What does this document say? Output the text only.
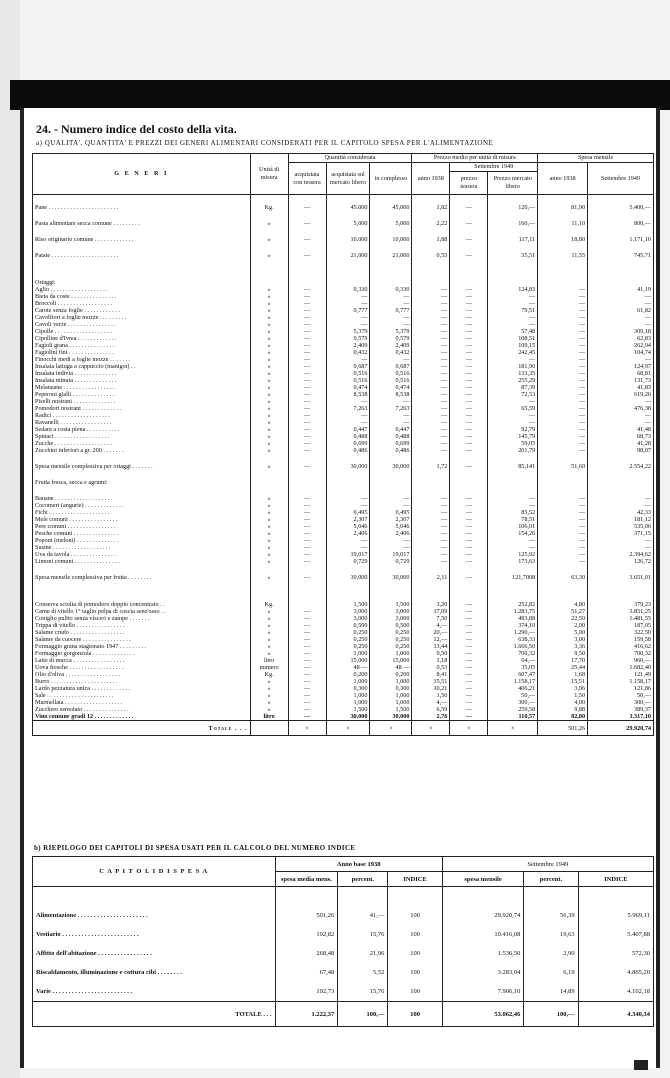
24. - Numero indice del costo della vita.
a) QUALITA', QUANTITA' E PREZZI DEI GENERI ALIMENTARI CONSIDERATI PER IL CAPITOLO SPESA PER L'ALIMENTAZIONE
G E N E R I	Unità di misura	Quantità considerata			Prezzo medio per unità di misura			Spesa mensile	
		acquistata con tessera	acquistata sul mercato libero	in complesso	anno 1938	Settembre 1949		anno 1938	Settembre 1949
						prezzo tessera	Prezzo mercato libero		

Pane . . . . . . . . . . . . . . . . . . . . . . .	Kg.	—	45.000	45,000	1,82	—	120,—	81,90	5.400,—

Pasta alimentare secca comune . . . . . . . . .	»	—	5,000	5,000	2,22	—	160,—	11,10	800,—

Riso originario comune . . . . . . . . . . . . .	»	—	10.000	10,000	1,88	—	117,11	18,80	1.171,10

Patate . . . . . . . . . . . . . . . . . . . . . .	»	—	21,000	21,000	0,55	—	35,51	11,55	745,71

Ortaggi:									
Aglio . . . . . . . . . . . . . . . . . . .	»	—	0,330	0,330	—	—	124,83	—	41,19
Bieta da coste . . . . . . . . . . . . . . .	»	—	—	—	—	—	—	—	—
Broccoli . . . . . . . . . . . . . . . . . .	»	—	—	—	—	—	—	—	—
Carote senza foglie . . . . . . . . . . . .	»	—	0,777	0,777	—	—	79,51	—	61,82
Cavolfiori a foglie mozze . . . . . . . . .	»	—	—	—	—	—	—	—	—
Cavoli verze . . . . . . . . . . . . . . . .	»	—	—	—	—	—	—	—	—
Cipolle . . . . . . . . . . . . . . . . . . .	»	—	5,379	5,379	—	—	57,48	—	309,18
Cipolline d'Ivrea . . . . . . . . . . . . .	»	—	0,579	0,579	—	—	108,51	—	62,83
Fagioli grana . . . . . . . . . . . . . . .	»	—	2,409	2,409	—	—	109,15	—	262,94
Fagiolini fini . . . . . . . . . . . . . . .	»	—	0,432	0,432	—	—	242,45	—	104,74
Finocchi medi a foglie mozze . . . . . . .	»	—	—	—	—	—	—	—	—
Insalata lattuga a cappuccio (manigot) . .	»	—	0,687	0,687	—	—	181,90	—	124,97
Insalata indivia . . . . . . . . . . . . . .	»	—	0,516	0,516	—	—	133,35	—	68,81
Insalata minuta . . . . . . . . . . . . . .	»	—	0,516	0,516	—	—	255,29	—	131,73
Melanzane . . . . . . . . . . . . . . . . .	»	—	0,474	0,474	—	—	87,39	—	41,83
Peperoni gialli . . . . . . . . . . . . . .	»	—	8,538	8,538	—	—	72,53	—	619,26
Piselli nostrani . . . . . . . . . . . . . .	»	—	—	—	—	—	—	—	—
Pomodori nostrani . . . . . . . . . . . . .	»	—	7,263	7,263	—	—	65,59	—	476,38
Radici . . . . . . . . . . . . . . . . . . .	»	—	—	—	—	—	—	—	—
Ravanelli . . . . . . . . . . . . . . . . .	»	—	—	—	—	—	—	—	—
Sedani a costa piena . . . . . . . . . . .	»	—	0,447	0,447	—	—	92,79	—	41,48
Spinaci . . . . . . . . . . . . . . . . . .	»	—	0,488	0,488	—	—	145,79	—	68,73
Zucche . . . . . . . . . . . . . . . . . . .	»	—	0,699	0,699	—	—	59,05	—	41,28
Zucchini inferiori a gr. 200 . . . . . . .	»	—	0,486	0,486	—	—	201,79	—	98,07

Spesa mensile complessiva per ortaggi . . . . . . .	»	—	30,000	30,000	1,72	—	85,141	51,60	2.554,22

Frutta fresca, secca e agrumi:									

Banane . . . . . . . . . . . . . . . . . . .	»	—	—	—	—	—	—	—	—
Cocomeri (angurie) . . . . . . . . . . . . .	»	—	—	—	—	—	—	—	—
Fichi . . . . . . . . . . . . . . . . . . . .	»	—	0,495	0,495	—	—	85,52	—	42,33
Mele comuni . . . . . . . . . . . . . . . .	»	—	2,307	2,307	—	—	78,51	—	181,12
Pere comuni . . . . . . . . . . . . . . . .	»	—	5,046	5,046	—	—	106,01	—	535,06
Pesche comuni . . . . . . . . . . . . . . .	»	—	2,406	2,406	—	—	154,26	—	371,15
Poponi (meloni) . . . . . . . . . . . . . .	»	—	—	—	—	—	—	—	—
Susine . . . . . . . . . . . . . . . . . . .	»	—	—	—	—	—	—	—	—
Uva da tavola . . . . . . . . . . . . . . .	»	—	19,017	19,017	—	—	125,92	—	2.394,62
Limoni comuni . . . . . . . . . . . . . . .	»	—	0,729	0,729	—	—	173,63	—	126,72

Spesa mensile complessiva per frutta . . . . . . . .	»	—	30,000	30,000	2,11	—	121,7008	63,30	3.651,01

Conserva sciolta di pomodoro doppio concentrato . .	Kg.		1,500	1,500	3,20	—	252,82	4,80	379,23
Carne di vitello 1° taglio polpa di coscia senz'osso . .	»	—	3,000	3,000	17,09	—	1.283,75	51,27	3.851,25
Coniglio pulito senza visceri e zampe . . . . . . .	»	—	3,000	3,000	7,50	—	493,88	22,50	1.481,55
Trippa di vitello . . . . . . . . . . . . . . . .	»	—	0,500	0,500	4,—	—	374,10	2,00	187,05
Salame crudo . . . . . . . . . . . . . . . . . .	»	—	0,250	0,250	20,—	—	1.290,—	5,00	322,50
Salame da cuocere . . . . . . . . . . . . . . . .	»	—	0,250	0,250	12,—	—	638,33	3,00	159,58
Formaggio grana stagionato 1947 . . . . . . . . .	»	—	0,250	0,250	13,44	—	1.666,50	3,36	416,62
Formaggio gorgonzola . . . . . . . . . . . . . .	»	—	1,000	1,000	9,50	—	700,32	9,50	700,32
Latte di mucca . . . . . . . . . . . . . . . . .	litro	—	15,000	15,000	1,18	—	64,—	17,70	960,—
Uova fresche . . . . . . . . . . . . . . . . . .	numero	—	48 —	48 —	0,53	—	35,05	25,44	1.682,40
Olio d'oliva . . . . . . . . . . . . . . . . . .	Kg.	—	0,200	0,200	8,41	—	607,47	1,68	121,49
Burro . . . . . . . . . . . . . . . . . . . . . .	»	—	1,000	1,000	15,51	—	1.158,17	15,51	1.158,17
Lardo pezzatura unica . . . . . . . . . . . . .	»	—	0,300	0,300	10,21	—	406,21	3,06	121,86
Sale . . . . . . . . . . . . . . . . . . . . . .	»	—	1,000	1,000	1,50	—	50,—	1,50	50,—
Marmellata . . . . . . . . . . . . . . . . . . .	»	—	1,000	1,000	4,—	—	300,—	4,00	300,—
Zucchero semolato . . . . . . . . . . . . . . .	»	—	1,500	1,500	6,59	—	259,58	9,88	389,37
Vino comune gradi 12 . . . . . . . . . . . . .	litro	—	30,000	30,000	2,76	—	110,57	82,80	3.317,10
Totale . . .		×	×	×	×	×	×	501,26	29.920,74
b) RIEPILOGO DEI CAPITOLI DI SPESA USATI PER IL CALCOLO DEL NUMERO INDICE
C A P I T O L I D I S P E S A	Anno base 1938			Settembre 1949		
	spesa media mens.	percent.	INDICE	spesa mensile	percent.	INDICE

Alimentazione . . . . . . . . . . . . . . . . . . . . . .	501,26	41,—	100	29.920,74	56,39	5.969,11
Vestiario . . . . . . . . . . . . . . . . . . . . . . . .	192,82	15,76	100	10.416,08	19,63	5.407,88
Affitto dell'abitazione . . . . . . . . . . . . . . . . .	268,48	21,96	100	1.536,50	2,90	572,30
Riscaldamento, illuminazione e cottura cibi . . . . . . . .	67,48	5,52	100	3.283,04	6,19	4.865,20
Varie . . . . . . . . . . . . . . . . . . . . . . . . .	192,73	15,76	100	7.906,10	14,89	4.102,18
TOTALE . . .	1.222,37	100,—	100	53.062,46	100,—	4.340,34
